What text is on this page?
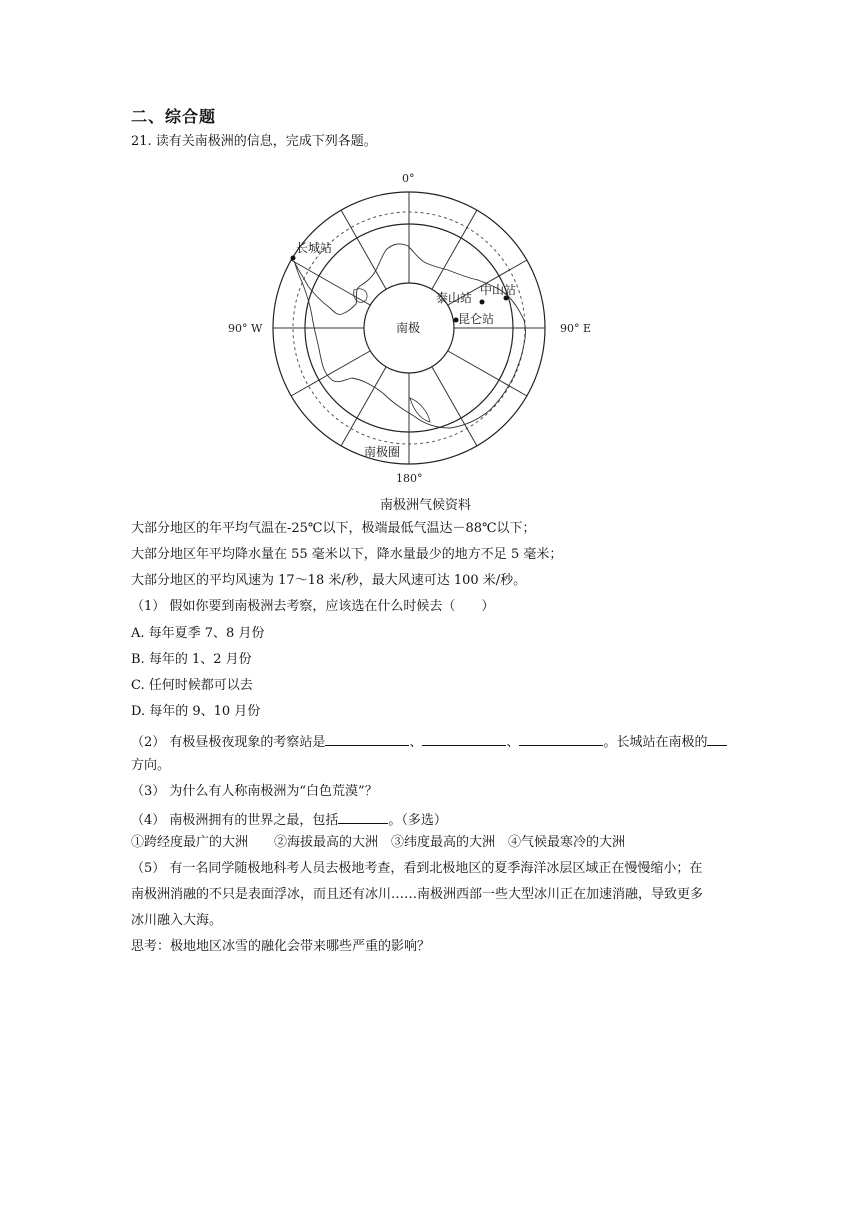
二、综合题
21. 读有关南极洲的信息，完成下列各题。
0°
180°
90° W	90° E
南极
长城站
中山站
泰山站
昆仑站
南极圈
南极洲气候资料
大部分地区的年平均气温在-25℃以下，极端最低气温达－88℃以下；
大部分地区年平均降水量在 55 毫米以下，降水量最少的地方不足 5 毫米；
大部分地区的平均风速为 17～18 米/秒，最大风速可达 100 米/秒。
（1） 假如你要到南极洲去考察，应该选在什么时候去（　　）
A. 每年夏季 7、8 月份
B. 每年的 1、2 月份
C. 任何时候都可以去
D. 每年的 9、10 月份
（2） 有极昼极夜现象的考察站是	、	、	。长城站在南极的
方向。
（3） 为什么有人称南极洲为“白色荒漠”？
（4） 南极洲拥有的世界之最，包括	。（多选）
①跨经度最广的大洲　　②海拔最高的大洲　③纬度最高的大洲　④气候最寒冷的大洲
（5） 有一名同学随极地科考人员去极地考查，看到北极地区的夏季海洋冰层区域正在慢慢缩小；在
南极洲消融的不只是表面浮冰，而且还有冰川……南极洲西部一些大型冰川正在加速消融，导致更多
冰川融入大海。
思考：极地地区冰雪的融化会带来哪些严重的影响？
